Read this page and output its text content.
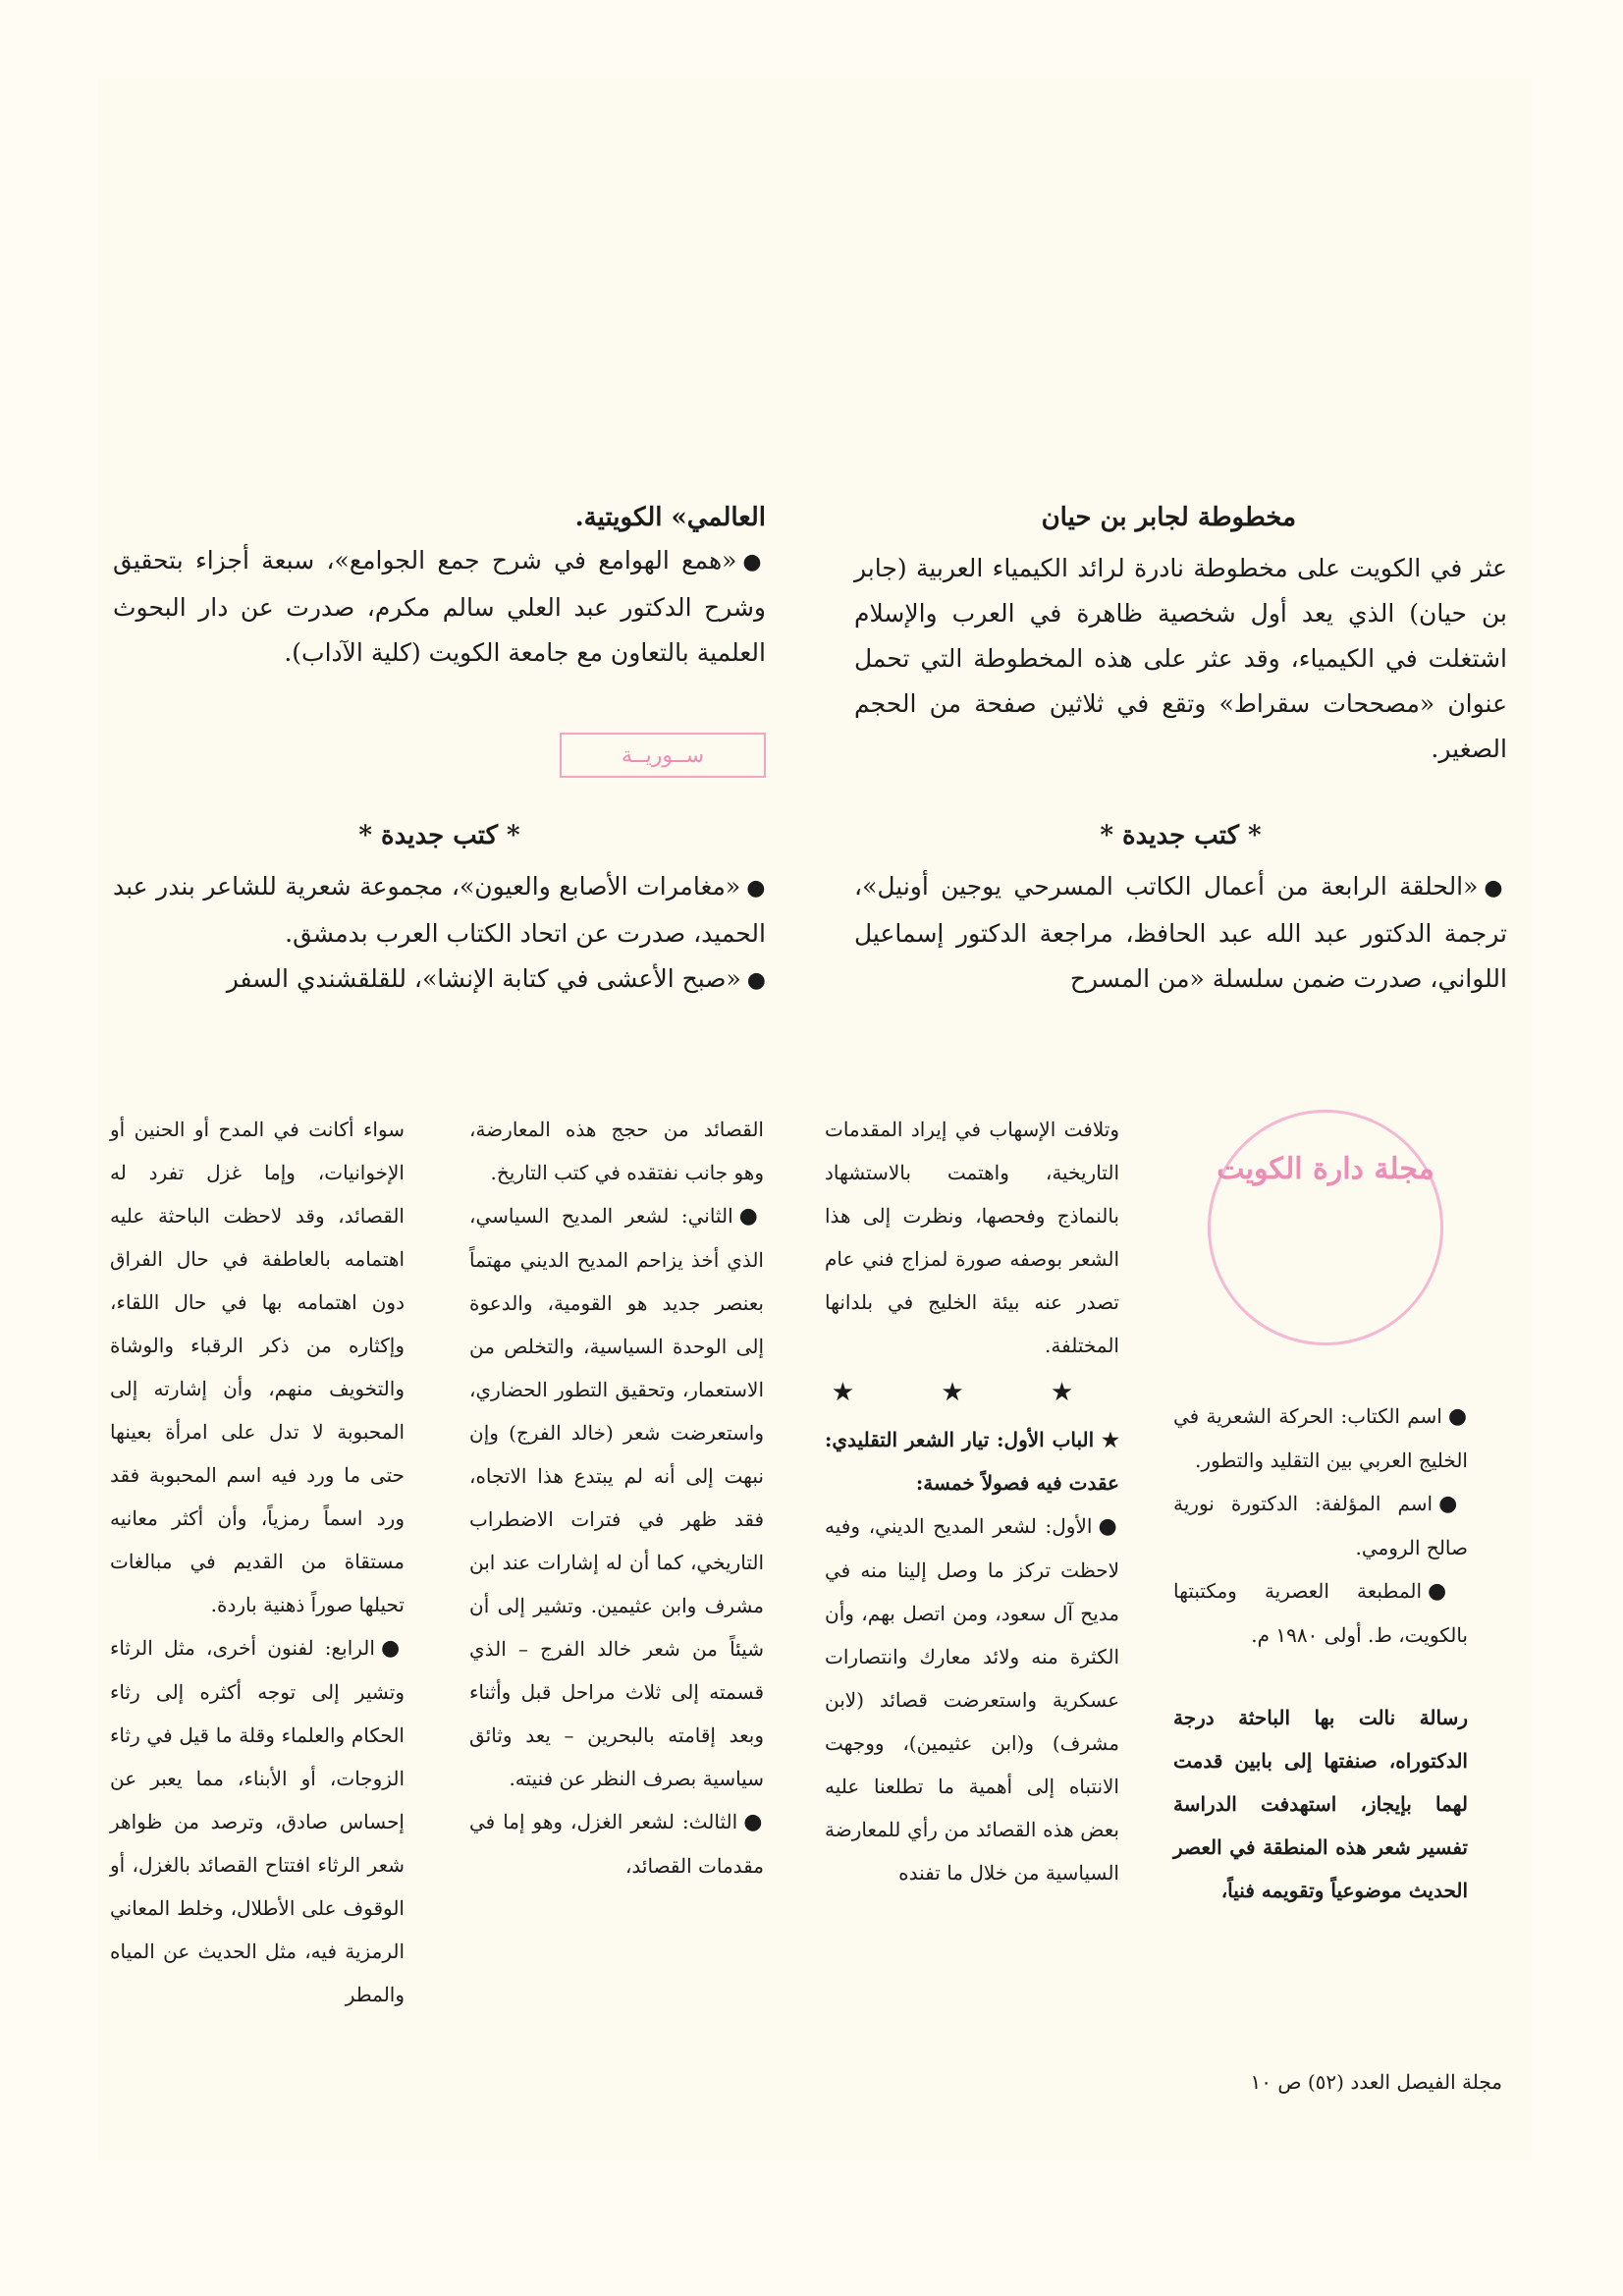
مخطوطة لجابر بن حيان
عثر في الكويت على مخطوطة نادرة لرائد الكيمياء العربية (جابر بن حيان) الذي يعد أول شخصية ظاهرة في العرب والإسلام اشتغلت في الكيمياء، وقد عثر على هذه المخطوطة التي تحمل عنوان «مصححات سقراط» وتقع في ثلاثين صفحة من الحجم الصغير.
العالمي» الكويتية.
●«همع الهوامع في شرح جمع الجوامع»، سبعة أجزاء بتحقيق وشرح الدكتور عبد العلي سالم مكرم، صدرت عن دار البحوث العلمية بالتعاون مع جامعة الكويت (كلية الآداب).
ســوريــة
* كتب جديدة *
●«الحلقة الرابعة من أعمال الكاتب المسرحي يوجين أونيل»، ترجمة الدكتور عبد الله عبد الحافظ، مراجعة الدكتور إسماعيل اللواني، صدرت ضمن سلسلة «من المسرح
* كتب جديدة *
●«مغامرات الأصابع والعيون»، مجموعة شعرية للشاعر بندر عبد الحميد، صدرت عن اتحاد الكتاب العرب بدمشق.
●«صبح الأعشى في كتابة الإنشا»، للقلقشندي السفر
مجلة دارة الكويت
●اسم الكتاب: الحركة الشعرية في الخليج العربي بين التقليد والتطور.
●اسم المؤلفة: الدكتورة نورية صالح الرومي.
●المطبعة العصرية ومكتبتها بالكويت، ط. أولى ١٩٨٠ م.
رسالة نالت بها الباحثة درجة الدكتوراه، صنفتها إلى بابين قدمت لهما بإيجاز، استهدفت الدراسة تفسير شعر هذه المنطقة في العصر الحديث موضوعياً وتقويمه فنياً،
وتلافت الإسهاب في إيراد المقدمات التاريخية، واهتمت بالاستشهاد بالنماذج وفحصها، ونظرت إلى هذا الشعر بوصفه صورة لمزاج فني عام تصدر عنه بيئة الخليج في بلدانها المختلفة.
★ ★ ★
★ الباب الأول: تيار الشعر التقليدي: عقدت فيه فصولاً خمسة:
●الأول: لشعر المديح الديني، وفيه لاحظت تركز ما وصل إلينا منه في مديح آل سعود، ومن اتصل بهم، وأن الكثرة منه ولائد معارك وانتصارات عسكرية واستعرضت قصائد (لابن مشرف) و(ابن عثيمين)، ووجهت الانتباه إلى أهمية ما تطلعنا عليه بعض هذه القصائد من رأي للمعارضة السياسية من خلال ما تفنده
القصائد من حجج هذه المعارضة، وهو جانب نفتقده في كتب التاريخ.
●الثاني: لشعر المديح السياسي، الذي أخذ يزاحم المديح الديني مهتماً بعنصر جديد هو القومية، والدعوة إلى الوحدة السياسية، والتخلص من الاستعمار، وتحقيق التطور الحضاري، واستعرضت شعر (خالد الفرج) وإن نبهت إلى أنه لم يبتدع هذا الاتجاه، فقد ظهر في فترات الاضطراب التاريخي، كما أن له إشارات عند ابن مشرف وابن عثيمين. وتشير إلى أن شيئاً من شعر خالد الفرج – الذي قسمته إلى ثلاث مراحل قبل وأثناء وبعد إقامته بالبحرين – يعد وثائق سياسية بصرف النظر عن فنيته.
●الثالث: لشعر الغزل، وهو إما في مقدمات القصائد،
سواء أكانت في المدح أو الحنين أو الإخوانيات، وإما غزل تفرد له القصائد، وقد لاحظت الباحثة عليه اهتمامه بالعاطفة في حال الفراق دون اهتمامه بها في حال اللقاء، وإكثاره من ذكر الرقباء والوشاة والتخويف منهم، وأن إشارته إلى المحبوبة لا تدل على امرأة بعينها حتى ما ورد فيه اسم المحبوبة فقد ورد اسماً رمزياً، وأن أكثر معانيه مستقاة من القديم في مبالغات تحيلها صوراً ذهنية باردة.
●الرابع: لفنون أخرى، مثل الرثاء وتشير إلى توجه أكثره إلى رثاء الحكام والعلماء وقلة ما قيل في رثاء الزوجات، أو الأبناء، مما يعبر عن إحساس صادق، وترصد من ظواهر شعر الرثاء افتتاح القصائد بالغزل، أو الوقوف على الأطلال، وخلط المعاني الرمزية فيه، مثل الحديث عن المياه والمطر
مجلة الفيصل العدد (٥٢) ص ١٠
